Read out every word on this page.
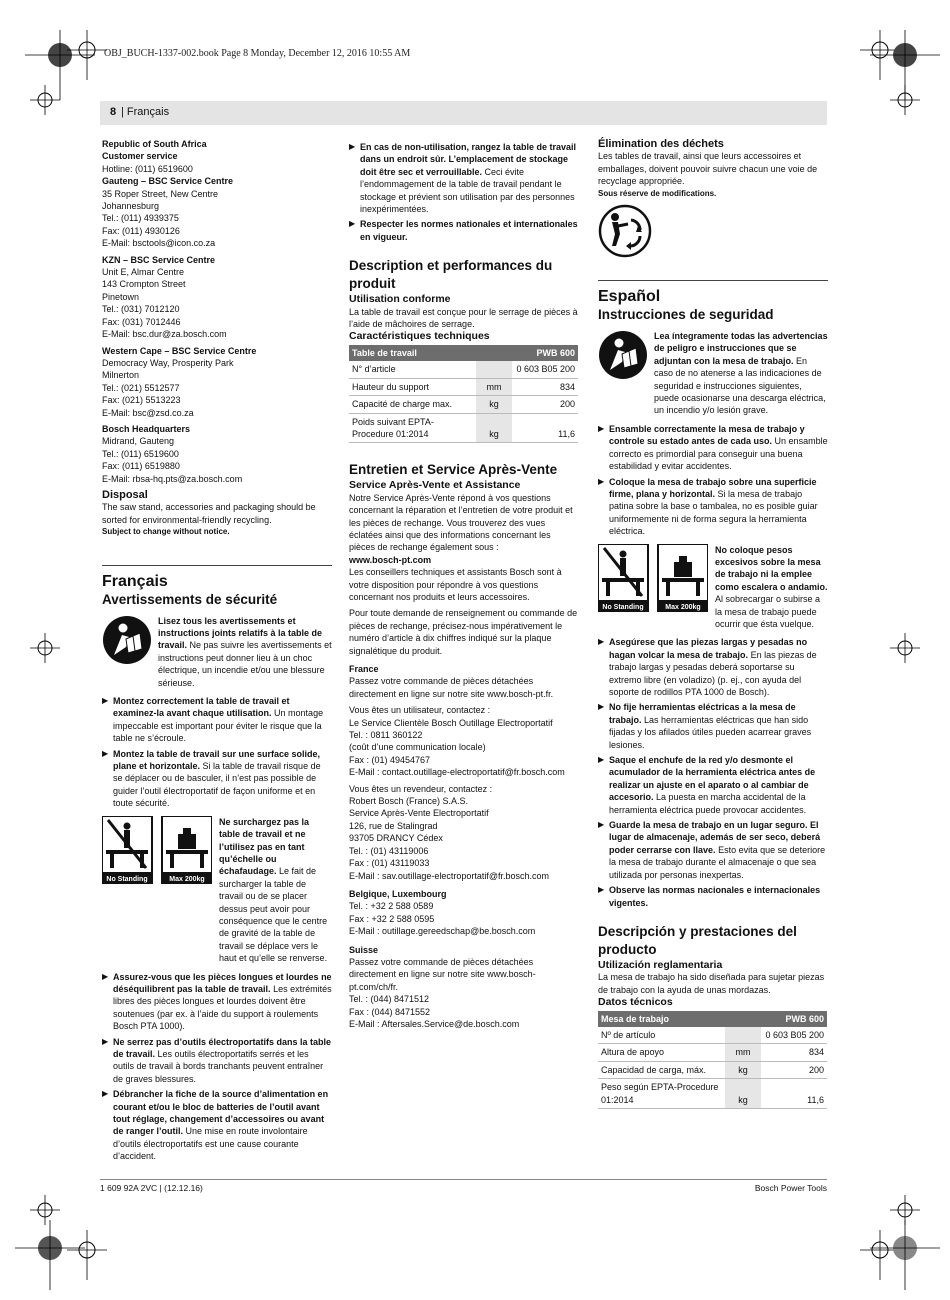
OBJ_BUCH-1337-002.book Page 8 Monday, December 12, 2016 10:55 AM
8 | Français

Republic of South Africa

Customer service

Hotline: (011) 6519600

Gauteng – BSC Service Centre

35 Roper Street, New Centre

Johannesburg

Tel.: (011) 4939375

Fax: (011) 4930126

E-Mail: bsctools@icon.co.za

KZN – BSC Service Centre

Unit E, Almar Centre

143 Crompton Street

Pinetown

Tel.: (031) 7012120

Fax: (031) 7012446

E-Mail: bsc.dur@za.bosch.com

Western Cape – BSC Service Centre

Democracy Way, Prosperity Park

Milnerton

Tel.: (021) 5512577

Fax: (021) 5513223

E-Mail: bsc@zsd.co.za

Bosch Headquarters

Midrand, Gauteng

Tel.: (011) 6519600

Fax: (011) 6519880

E-Mail: rbsa-hq.pts@za.bosch.com

Disposal

The saw stand, accessories and packaging should be sorted for environmental-friendly recycling.

Subject to change without notice.

Français

Avertissements de sécurité

Lisez tous les avertissements et instructions joints relatifs à la table de travail. Ne pas suivre les avertissements et instructions peut donner lieu à un choc électrique, un incendie et/ou une blessure sérieuse.
▶ Montez correctement la table de travail et examinez-la avant chaque utilisation. Un montage impeccable est important pour éviter le risque que la table ne s’écroule.
▶ Montez la table de travail sur une surface solide, plane et horizontale. Si la table de travail risque de se déplacer ou de basculer, il n’est pas possible de guider l’outil électroportatif de façon uniforme et en toute sécurité.
No Standing	Max 200kg
Ne surchargez pas la table de travail et ne l’utilisez pas en tant qu’échelle ou échafaudage. Le fait de surcharger la table de travail ou de se placer dessus peut avoir pour conséquence que le centre de gravité de la table de travail se déplace vers le haut et qu’elle se renverse.
▶ Assurez-vous que les pièces longues et lourdes ne déséquilibrent pas la table de travail. Les extrémités libres des pièces longues et lourdes doivent être soutenues (par ex. à l’aide du support à roulements Bosch PTA 1000).
▶ Ne serrez pas d’outils électroportatifs dans la table de travail. Les outils électroportatifs serrés et les outils de travail à bords tranchants peuvent entraîner de graves blessures.
▶ Débrancher la fiche de la source d’alimentation en courant et/ou le bloc de batteries de l’outil avant tout réglage, changement d’accessoires ou avant de ranger l’outil. Une mise en route involontaire d’outils électroportatifs est une cause courante d’accident.
▶ En cas de non-utilisation, rangez la table de travail dans un endroit sûr. L’emplacement de stockage doit être sec et verrouillable. Ceci évite l’endommagement de la table de travail pendant le stockage et prévient son utilisation par des personnes inexpérimentées.
▶ Respecter les normes nationales et internationales en vigueur.

Description et performances du produit

Utilisation conforme

La table de travail est conçue pour le serrage de pièces à l’aide de mâchoires de serrage.

Caractéristiques techniques

Table de travail		PWB 600
N° d’article		0 603 B05 200
Hauteur du support	mm	834
Capacité de charge max.	kg	200
Poids suivant EPTA-Procedure 01:2014	kg	11,6

Entretien et Service Après-Vente

Service Après-Vente et Assistance

Notre Service Après-Vente répond à vos questions concernant la réparation et l’entretien de votre produit et les pièces de rechange. Vous trouverez des vues éclatées ainsi que des informations concernant les pièces de rechange également sous :

www.bosch-pt.com

Les conseillers techniques et assistants Bosch sont à votre disposition pour répondre à vos questions concernant nos produits et leurs accessoires.

Pour toute demande de renseignement ou commande de pièces de rechange, précisez-nous impérativement le numéro d’article à dix chiffres indiqué sur la plaque signalétique du produit.

France

Passez votre commande de pièces détachées directement en ligne sur notre site www.bosch-pt.fr.

Vous êtes un utilisateur, contactez :

Le Service Clientèle Bosch Outillage Electroportatif

Tel. : 0811 360122

(coût d’une communication locale)

Fax : (01) 49454767

E-Mail : contact.outillage-electroportatif@fr.bosch.com

Vous êtes un revendeur, contactez :

Robert Bosch (France) S.A.S.

Service Après-Vente Electroportatif

126, rue de Stalingrad

93705 DRANCY Cédex

Tel. : (01) 43119006

Fax : (01) 43119033

E-Mail : sav.outillage-electroportatif@fr.bosch.com

Belgique, Luxembourg

Tel. : +32 2 588 0589

Fax : +32 2 588 0595

E-Mail : outillage.gereedschap@be.bosch.com

Suisse

Passez votre commande de pièces détachées directement en ligne sur notre site www.bosch-pt.com/ch/fr.

Tel. : (044) 8471512

Fax : (044) 8471552

E-Mail : Aftersales.Service@de.bosch.com

Élimination des déchets

Les tables de travail, ainsi que leurs accessoires et emballages, doivent pouvoir suivre chacun une voie de recyclage appropriée.

Sous réserve de modifications.

Español

Instrucciones de seguridad

Lea íntegramente todas las advertencias de peligro e instrucciones que se adjuntan con la mesa de trabajo. En caso de no atenerse a las indicaciones de seguridad e instrucciones siguientes, puede ocasionarse una descarga eléctrica, un incendio y/o lesión grave.
▶ Ensamble correctamente la mesa de trabajo y controle su estado antes de cada uso. Un ensamble correcto es primordial para conseguir una buena estabilidad y evitar accidentes.
▶ Coloque la mesa de trabajo sobre una superficie firme, plana y horizontal. Si la mesa de trabajo patina sobre la base o tambalea, no es posible guiar uniformemente ni de forma segura la herramienta eléctrica.
No Standing	Max 200kg
No coloque pesos excesivos sobre la mesa de trabajo ni la emplee como escalera o andamio. Al sobrecargar o subirse a la mesa de trabajo puede ocurrir que ésta vuelque.
▶ Asegúrese que las piezas largas y pesadas no hagan volcar la mesa de trabajo. En las piezas de trabajo largas y pesadas deberá soportarse su extremo libre (en voladizo) (p. ej., con ayuda del soporte de rodillos PTA 1000 de Bosch).
▶ No fije herramientas eléctricas a la mesa de trabajo. Las herramientas eléctricas que han sido fijadas y los afilados útiles pueden acarrear graves lesiones.
▶ Saque el enchufe de la red y/o desmonte el acumulador de la herramienta eléctrica antes de realizar un ajuste en el aparato o al cambiar de accesorio. La puesta en marcha accidental de la herramienta eléctrica puede provocar accidentes.
▶ Guarde la mesa de trabajo en un lugar seguro. El lugar de almacenaje, además de ser seco, deberá poder cerrarse con llave. Esto evita que se deteriore la mesa de trabajo durante el almacenaje o que sea utilizada por personas inexpertas.
▶ Observe las normas nacionales e internacionales vigentes.

Descripción y prestaciones del producto

Utilización reglamentaria

La mesa de trabajo ha sido diseñada para sujetar piezas de trabajo con la ayuda de unas mordazas.

Datos técnicos

Mesa de trabajo		PWB 600
Nº de artículo		0 603 B05 200
Altura de apoyo	mm	834
Capacidad de carga, máx.	kg	200
Peso según EPTA-Procedure 01:2014	kg	11,6
1 609 92A 2VC | (12.12.16)	Bosch Power Tools
